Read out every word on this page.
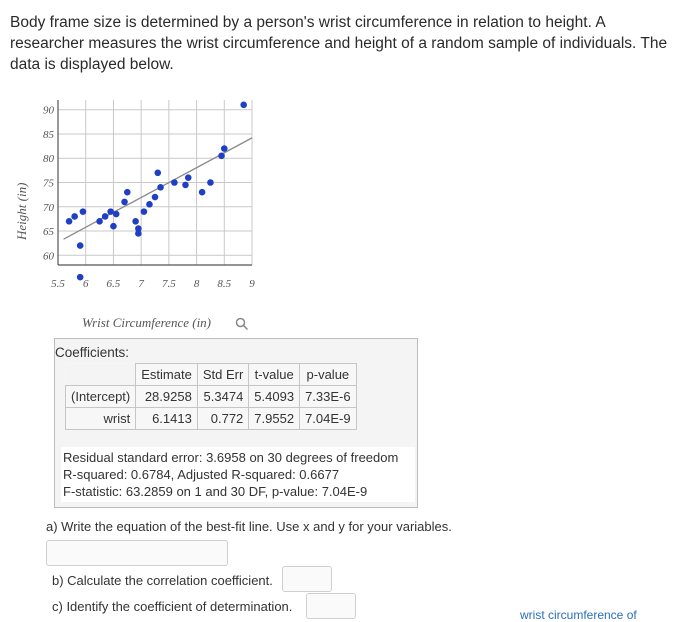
Body frame size is determined by a person's wrist circumference in relation to height. A researcher measures the wrist circumference and height of a random sample of individuals. The data is displayed below.
60
65
70
75
80
85
90
5.5 6 6.5 7 7.5 8 8.5 9
Height (in)
Wrist Circumference (in)
Coefficients:
	Estimate	Std Err	t-value	p-value
(Intercept)	28.9258	5.3474	5.4093	7.33E-6
wrist	6.1413	0.772	7.9552	7.04E-9
Residual standard error: 3.6958 on 30 degrees of freedom
R-squared: 0.6784, Adjusted R-squared: 0.6677
F-statistic: 63.2859 on 1 and 30 DF, p-value: 7.04E-9
a) Write the equation of the best-fit line. Use x and y for your variables.
b) Calculate the correlation coefficient.
c) Identify the coefficient of determination.
wrist circumference of
